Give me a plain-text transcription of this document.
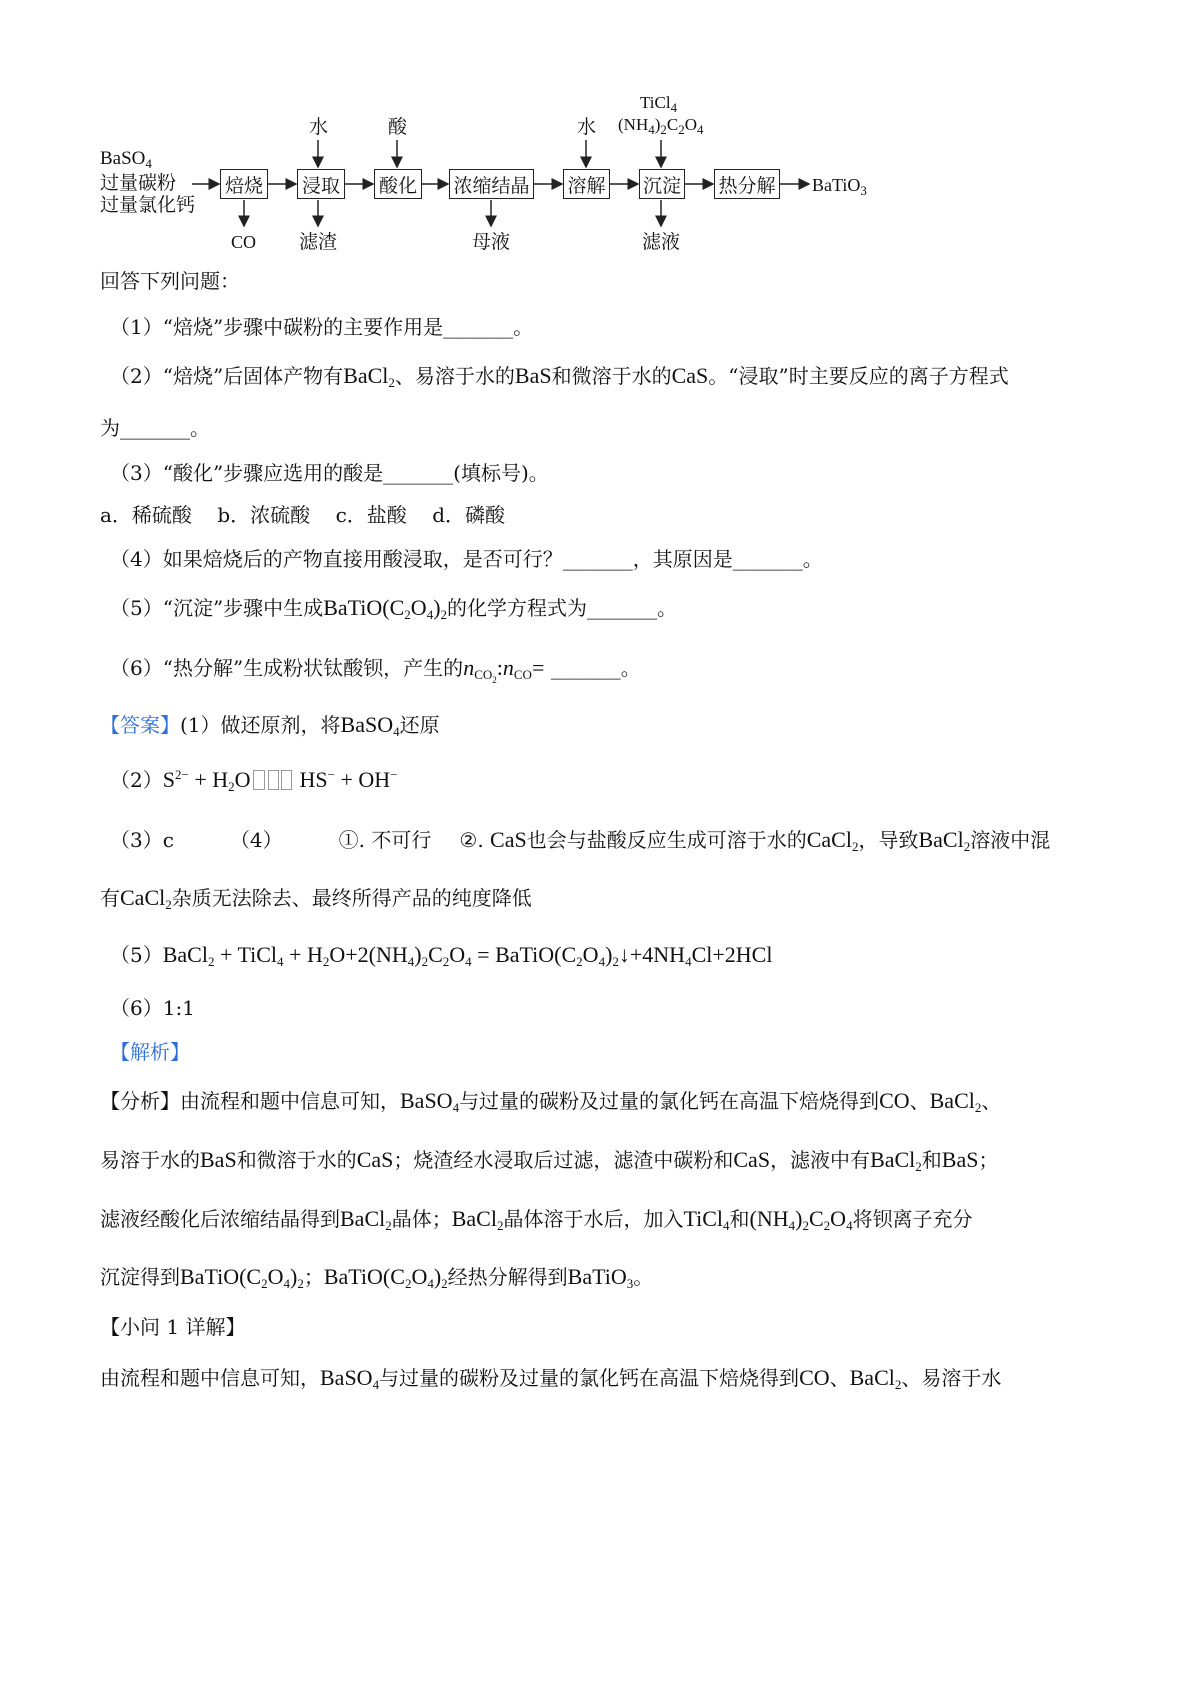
BaSO$_4$
过量碳粉
过量氯化钙
焙烧 浸取 酸化 浓缩结晶 溶解 沉淀 热分解 BaTiO$_3$
水	酸	水
TiCl$_4$
$(NH_4)_2C_2O_4$
CO 滤渣	母液	滤液
回答下列问题：
（1）“焙烧”步骤中碳粉的主要作用是_______。
（2）“焙烧”后固体产物有BaCl$_2$、易溶于水的BaS和微溶于水的CaS。“浸取”时主要反应的离子方程式
为_______。
（3）“酸化”步骤应选用的酸是_______(填标号)。
a．稀硫酸    b．浓硫酸    c．盐酸    d．磷酸
（4）如果焙烧后的产物直接用酸浸取，是否可行？_______，其原因是_______。
（5）“沉淀”步骤中生成$BaTiO(C_2O_4)_2$的化学方程式为_______。
（6）“热分解”生成粉状钛酸钡，产生的$n_{CO_2}:n_{CO}=$ _______。
【答案】(1）做还原剂，将BaSO$_4$还原
$(2)S^{2-} + H_2O$ HS− + OH−
（3）c	（4）	①. 不可行 ②. CaS也会与盐酸反应生成可溶于水的CaCl$_2$，导致BaCl$_2$溶液中混
有CaCl$_2$杂质无法除去、最终所得产品的纯度降低
（5）BaCl$_2$ + TiCl$_4$ + $H_2O+2(NH_4)_2C_2O_4$ = $BaTiO(C_2O_4)_2↓+4NH_4Cl+2HCl$
（6）1:1
【解析】
【分析】由流程和题中信息可知，BaSO$_4$与过量的碳粉及过量的氯化钙在高温下焙烧得到CO、BaCl$_2$、
易溶于水的BaS和微溶于水的CaS；烧渣经水浸取后过滤，滤渣中碳粉和CaS，滤液中有BaCl$_2$和BaS；
滤液经酸化后浓缩结晶得到BaCl$_2$晶体；BaCl$_2$晶体溶于水后，加入TiCl$_4$和$(NH_4)_2C_2O_4$将钡离子充分
沉淀得到$BaTiO(C_2O_4)_2$；$BaTiO(C_2O_4)_2$经热分解得到BaTiO$_3$。
【小问 1 详解】
由流程和题中信息可知，BaSO$_4$与过量的碳粉及过量的氯化钙在高温下焙烧得到CO、BaCl$_2$、易溶于水
